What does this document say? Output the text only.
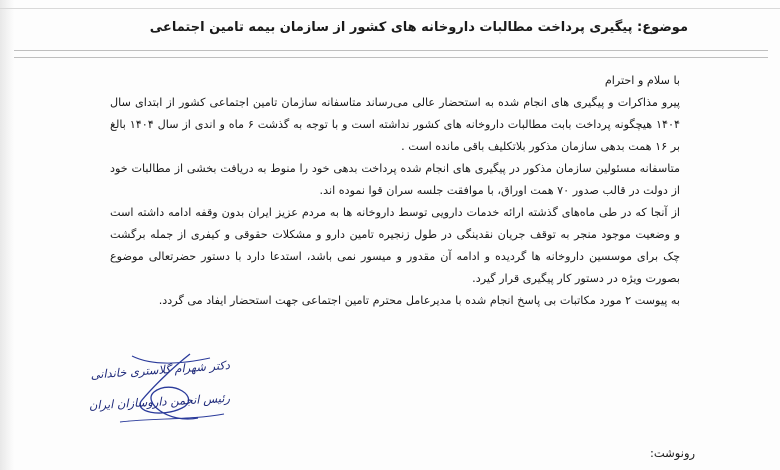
موضوع: پیگیری پرداخت مطالبات داروخانه های کشور از سازمان بیمه تامین اجتماعی

با سلام و احترام

پیرو مذاکرات و پیگیری های انجام شده به استحضار عالی می‌رساند متاسفانه سازمان تامین اجتماعی کشور از ابتدای سال ۱۴۰۴ هیچگونه پرداخت بابت مطالبات داروخانه های کشور نداشته است و با توجه به گذشت ۶ ماه و اندی از سال ۱۴۰۴ بالغ بر ۱۶ همت بدهی سازمان مذکور بلاتکلیف باقی مانده است .

متاسفانه مسئولین سازمان مذکور در پیگیری های انجام شده پرداخت بدهی خود را منوط به دریافت بخشی از مطالبات خود از دولت در قالب صدور ۷۰ همت اوراق، با موافقت جلسه سران قوا نموده اند.

از آنجا که در طی ماه‌های گذشته ارائه خدمات دارویی توسط داروخانه ها به مردم عزیز ایران بدون وقفه ادامه داشته است و وضعیت موجود منجر به توقف جریان نقدینگی در طول زنجیره تامین دارو و مشکلات حقوقی و کیفری از جمله برگشت چک برای موسسین داروخانه ها گردیده و ادامه آن مقدور و میسور نمی باشد، استدعا دارد با دستور حضرتعالی موضوع بصورت ویژه در دستور کار پیگیری قرار گیرد.

به پیوست ۲ مورد مکاتبات بی پاسخ انجام شده با مدیرعامل محترم تامین اجتماعی جهت استحضار ایفاد می گردد.

دکتر شهرام گلاستری خاندانی
رئیس انجمن داروسازان ایران
رونوشت:
